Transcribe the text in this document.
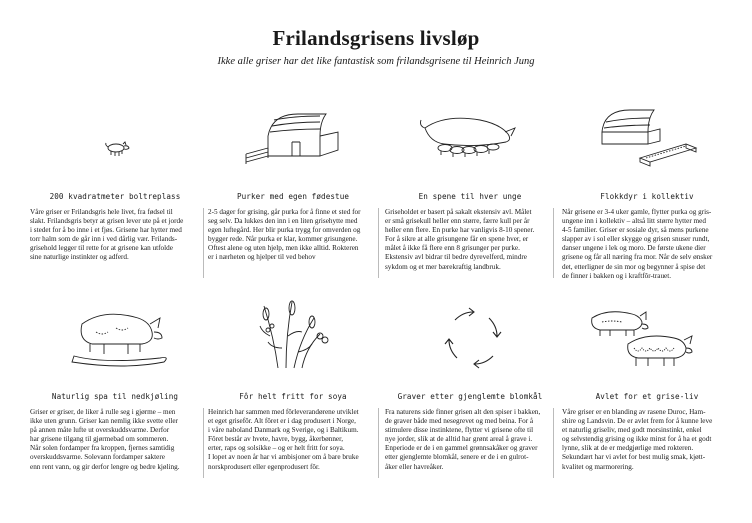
Frilandsgrisens livsløp
Ikke alle griser har det like fantastisk som frilandsgrisene til Heinrich Jung
200 kvadratmeter boltreplass
Våre griser er Frilandsgris hele livet, fra fødsel til
slakt. Frilandsgris betyr at grisen lever ute på et jorde
i stedet for å bo inne i et fjøs. Grisene har hytter med
torr halm som de går inn i ved dårlig vær. Frilands-
grisehold legger til rette for at grisene kan utfolde
sine naturlige instinkter og adferd.
Purker med egen fødestue
2-5 dager for grising, går purka for å finne et sted for
seg selv. Da lukkes den inn i en liten grisehytte med
egen luftegård. Her blir purka trygg for omverden og
bygger rede. Når purka er klar, kommer grisungene.
Oftest alene og uten hjelp, men ikke alltid. Rokteren
er i nærheten og hjelper til ved behov
En spene til hver unge
Griseholdet er basert på sakalt ekstensiv avl. Målet
er små grisekull heller enn større, færre kull per år
heller enn flere. En purke har vanligvis 8-10 spener.
For å sikre at alle grisungene får en spene hver, er
målet å ikke få flere enn 8 grisunger per purke.
Ekstensiv avl bidrar til bedre dyrevelferd, mindre
sykdom og et mer bærekraftig landbruk.
Flokkdyr i kollektiv
Når grisene er 3-4 uker gamle, flytter purka og gris-
ungene inn i kollektiv – altså litt større hytter med
4-5 familier. Griser er sosiale dyr, så mens purkene
slapper av i sol eller skygge og grisen snuser rundt,
danser ungene i lek og moro. De første ukene dier
grisene og får all næring fra mor. Når de selv ønsker
det, etterligner de sin mor og begynner å spise det
de finner i bakken og i kraftfôr-trauet.
Naturlig spa til nedkjøling
Griser er griser, de liker å rulle seg i gjørme – men
ikke uten grunn. Griser kan nemlig ikke svette eller
på annen måte lufte ut overskuddsvarme. Derfor
har grisene tilgang til gjørmebad om sommeren.
Når solen fordamper fra kroppen, fjernes samtidig
overskuddsvarme. Solevann fordamper saktere
enn rent vann, og gir derfor lengre og bedre kjøling.
Fôr helt fritt for soya
Heinrich har sammen med fôrleverandørene utviklet
et eget grisefôr. Alt fôret er i dag produsert i Norge,
i våre naboland Danmark og Sverige, og i Baltikum.
Fôret består av hvete, havre, bygg, åkerbønner,
erter, raps og solsikke – og er helt fritt for soya.
I lopet av noen år har vi ambisjoner om å bare bruke
norskprodusert eller egenprodusert fôr.
Graver etter gjenglemte blomkål
Fra naturens side finner grisen alt den spiser i bakken,
de graver både med nesegrevet og med beina. For å
stimulere disse instinktene, flytter vi grisene ofte til
nye jorder, slik at de alltid har grønt areal å grave i.
Enperiode er de i en gammel grønnsakåker og graver
etter gjenglemte blomkål, senere er de i en gulrot-
åker eller havreåker.
Avlet for et grise-liv
Våre griser er en blanding av rasene Duroc, Ham-
shire og Landsvin. De er avlet frem for å kunne leve
et naturlig griseliv, med godt morsinstinkt, enkel
og selvstendig grising og ikke minst for å ha et godt
lynne, slik at de er medgjørlige med rokteren.
Sekundært har vi avlet for best mulig smak, kjøtt-
kvalitet og marmorering.
